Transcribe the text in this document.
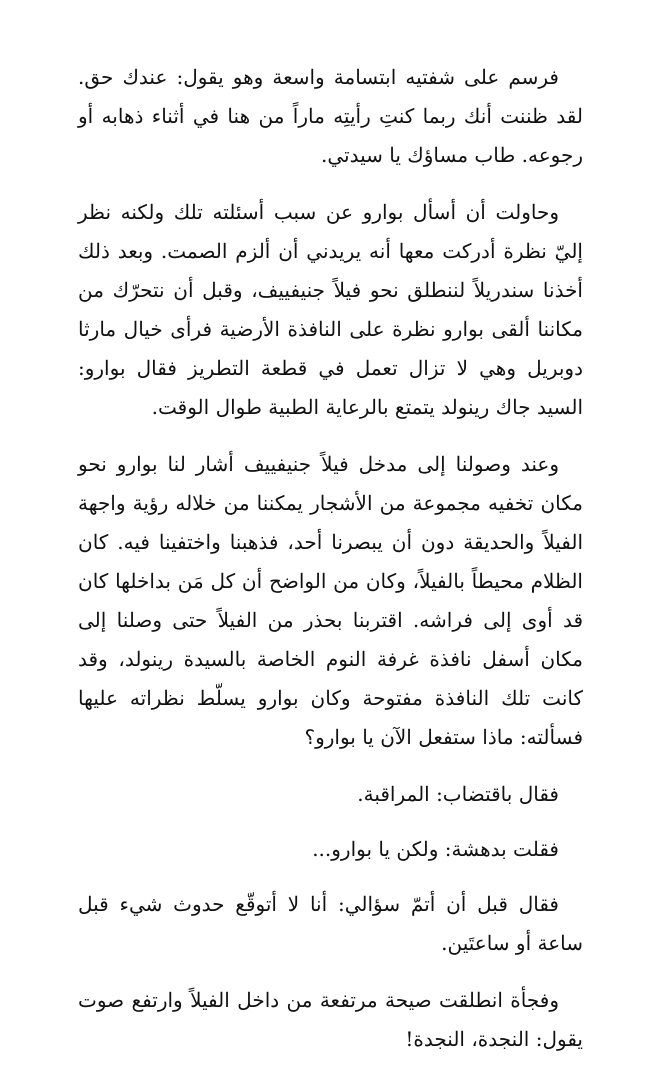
فرسم على شفتيه ابتسامة واسعة وهو يقول: عندك حق. لقد ظننت أنك ربما كنتِ رأيتِه ماراً من هنا في أثناء ذهابه أو رجوعه. طاب مساؤك يا سيدتي.

وحاولت أن أسأل بوارو عن سبب أسئلته تلك ولكنه نظر إليّ نظرة أدركت معها أنه يريدني أن ألزم الصمت. وبعد ذلك أخذنا سندريلاً لننطلق نحو فيلاً جنيفييف، وقبل أن نتحرّك من مكاننا ألقى بوارو نظرة على النافذة الأرضية فرأى خيال مارثا دوبريل وهي لا تزال تعمل في قطعة التطريز فقال بوارو: السيد جاك رينولد يتمتع بالرعاية الطبية طوال الوقت.

وعند وصولنا إلى مدخل فيلاً جنيفييف أشار لنا بوارو نحو مكان تخفيه مجموعة من الأشجار يمكننا من خلاله رؤية واجهة الفيلاً والحديقة دون أن يبصرنا أحد، فذهبنا واختفينا فيه. كان الظلام محيطاً بالفيلاً، وكان من الواضح أن كل مَن بداخلها كان قد أوى إلى فراشه. اقتربنا بحذر من الفيلاً حتى وصلنا إلى مكان أسفل نافذة غرفة النوم الخاصة بالسيدة رينولد، وقد كانت تلك النافذة مفتوحة وكان بوارو يسلّط نظراته عليها فسألته: ماذا ستفعل الآن يا بوارو؟

فقال باقتضاب: المراقبة.

فقلت بدهشة: ولكن يا بوارو...

فقال قبل أن أتمّ سؤالي: أنا لا أتوقّع حدوث شيء قبل ساعة أو ساعتَين.

وفجأة انطلقت صيحة مرتفعة من داخل الفيلاً وارتفع صوت يقول: النجدة، النجدة!
